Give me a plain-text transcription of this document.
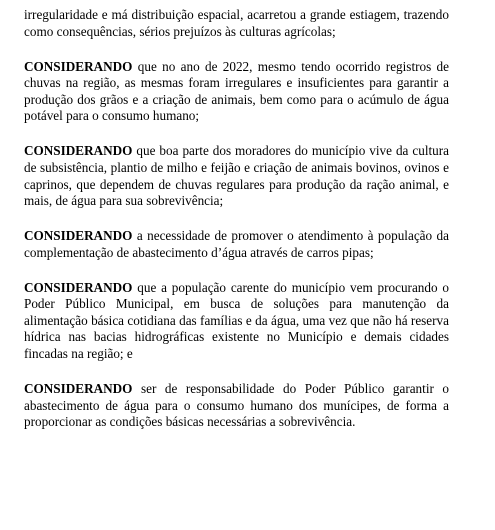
irregularidade e má distribuição espacial, acarretou a grande estiagem, trazendo como consequências, sérios prejuízos às culturas agrícolas;

CONSIDERANDO que no ano de 2022, mesmo tendo ocorrido registros de chuvas na região, as mesmas foram irregulares e insuficientes para garantir a produção dos grãos e a criação de animais, bem como para o acúmulo de água potável para o consumo humano;

CONSIDERANDO que boa parte dos moradores do município vive da cultura de subsistência, plantio de milho e feijão e criação de animais bovinos, ovinos e caprinos, que dependem de chuvas regulares para produção da ração animal, e mais, de água para sua sobrevivência;

CONSIDERANDO a necessidade de promover o atendimento à população da complementação de abastecimento d’água através de carros pipas;

CONSIDERANDO que a população carente do município vem procurando o Poder Público Municipal, em busca de soluções para manutenção da alimentação básica cotidiana das famílias e da água, uma vez que não há reserva hídrica nas bacias hidrográficas existente no Município e demais cidades fincadas na região; e

CONSIDERANDO ser de responsabilidade do Poder Público garantir o abastecimento de água para o consumo humano dos munícipes, de forma a proporcionar as condições básicas necessárias a sobrevivência.
